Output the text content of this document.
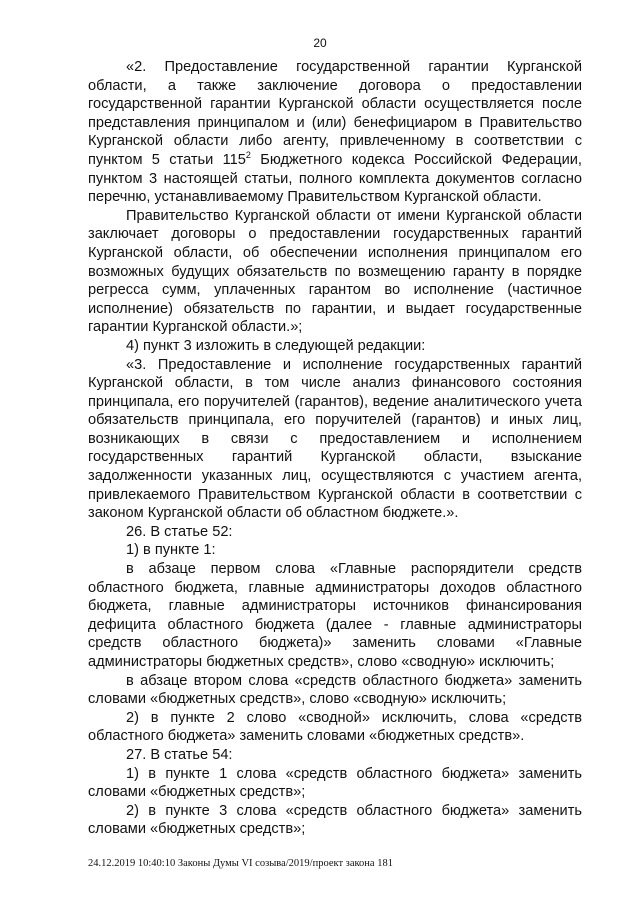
20

«2. Предоставление государственной гарантии Курганской области, а также заключение договора о предоставлении государственной гарантии Курганской области осуществляется после представления принципалом и (или) бенефициаром в Правительство Курганской области либо агенту, привлеченному в соответствии с пунктом 5 статьи $115^2$ Бюджетного кодекса Российской Федерации, пунктом 3 настоящей статьи, полного комплекта документов согласно перечню, устанавливаемому Правительством Курганской области.

Правительство Курганской области от имени Курганской области заключает договоры о предоставлении государственных гарантий Курганской области, об обеспечении исполнения принципалом его возможных будущих обязательств по возмещению гаранту в порядке регресса сумм, уплаченных гарантом во исполнение (частичное исполнение) обязательств по гарантии, и выдает государственные гарантии Курганской области.»;

4) пункт 3 изложить в следующей редакции:

«3. Предоставление и исполнение государственных гарантий Курганской области, в том числе анализ финансового состояния принципала, его поручителей (гарантов), ведение аналитического учета обязательств принципала, его поручителей (гарантов) и иных лиц, возникающих в связи с предоставлением и исполнением государственных гарантий Курганской области, взыскание задолженности указанных лиц, осуществляются с участием агента, привлекаемого Правительством Курганской области в соответствии с законом Курганской области об областном бюджете.».

26. В статье 52:

1) в пункте 1:

в абзаце первом слова «Главные распорядители средств областного бюджета, главные администраторы доходов областного бюджета, главные администраторы источников финансирования дефицита областного бюджета (далее - главные администраторы средств областного бюджета)» заменить словами «Главные администраторы бюджетных средств», слово «сводную» исключить;

в абзаце втором слова «средств областного бюджета» заменить словами «бюджетных средств», слово «сводную» исключить;

2) в пункте 2 слово «сводной» исключить, слова «средств областного бюджета» заменить словами «бюджетных средств».

27. В статье 54:

1) в пункте 1 слова «средств областного бюджета» заменить словами «бюджетных средств»;

2) в пункте 3 слова «средств областного бюджета» заменить словами «бюджетных средств»;

24.12.2019 10:40:10 Законы Думы VI созыва/2019/проект закона 181
